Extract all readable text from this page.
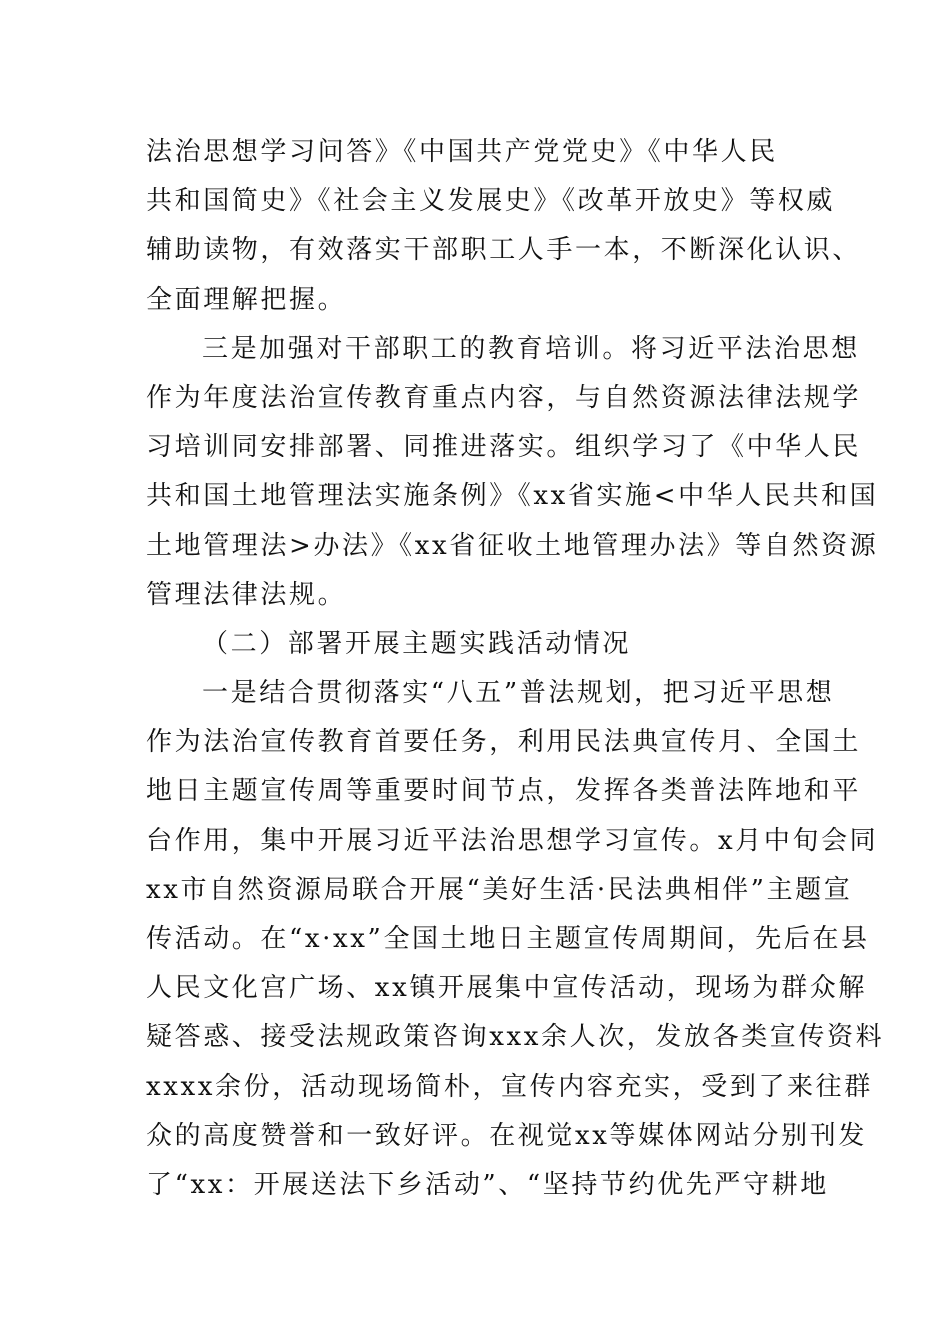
法治思想学习问答》《中国共产党党史》《中华人民
共和国简史》《社会主义发展史》《改革开放史》等权威
辅助读物，有效落实干部职工人手一本，不断深化认识、
全面理解把握。
三是加强对干部职工的教育培训。将习近平法治思想
作为年度法治宣传教育重点内容，与自然资源法律法规学
习培训同安排部署、同推进落实。组织学习了《中华人民
共和国土地管理法实施条例》《xx省实施<中华人民共和国
土地管理法>办法》《xx省征收土地管理办法》等自然资源
管理法律法规。
（二）部署开展主题实践活动情况
一是结合贯彻落实“八五”普法规划，把习近平思想
作为法治宣传教育首要任务，利用民法典宣传月、全国土
地日主题宣传周等重要时间节点，发挥各类普法阵地和平
台作用，集中开展习近平法治思想学习宣传。x月中旬会同
xx市自然资源局联合开展“美好生活·民法典相伴”主题宣
传活动。在“x·xx”全国土地日主题宣传周期间，先后在县
人民文化宫广场、xx镇开展集中宣传活动，现场为群众解
疑答惑、接受法规政策咨询xxx余人次，发放各类宣传资料
xxxx余份，活动现场简朴，宣传内容充实，受到了来往群
众的高度赞誉和一致好评。在视觉xx等媒体网站分别刊发
了“xx：开展送法下乡活动”、“坚持节约优先严守耕地
